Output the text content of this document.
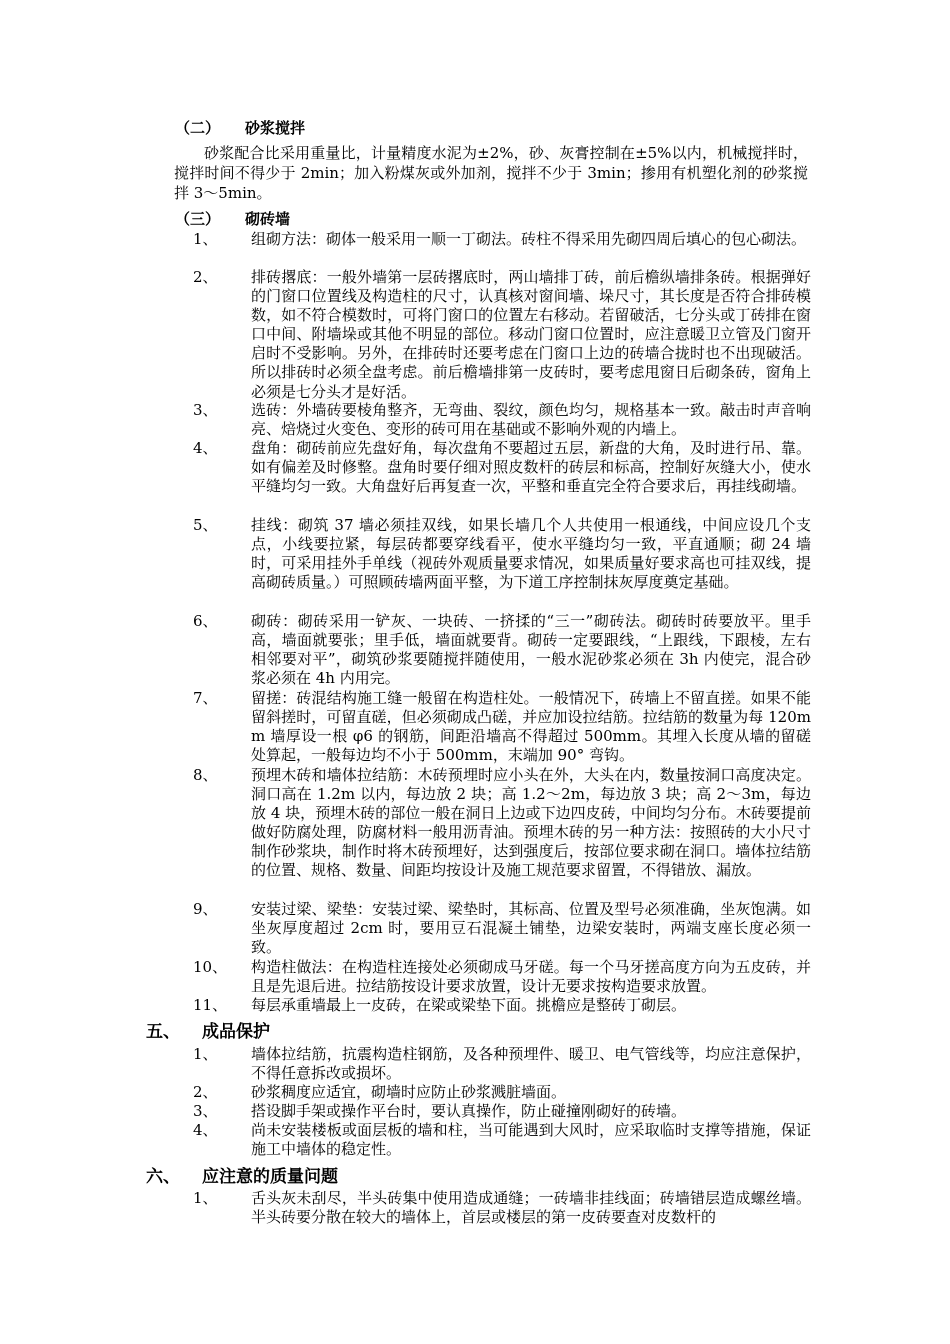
（二） 砂浆搅拌
砂浆配合比采用重量比，计量精度水泥为±2%，砂、灰膏控制在±5%以内，机械搅拌时，搅拌时间不得少于 2min；加入粉煤灰或外加剂，搅拌不少于 3min；掺用有机塑化剂的砂浆搅拌 3～5min。
（三） 砌砖墙
1、 组砌方法：砌体一般采用一顺一丁砌法。砖柱不得采用先砌四周后填心的包心砌法。
2、 排砖撂底：一般外墙第一层砖撂底时，两山墙排丁砖，前后檐纵墙排条砖。根据弹好的门窗口位置线及构造柱的尺寸，认真核对窗间墙、垛尺寸，其长度是否符合排砖模数，如不符合模数时，可将门窗口的位置左右移动。若留破活，七分头或丁砖排在窗口中间、附墙垛或其他不明显的部位。移动门窗口位置时，应注意暖卫立管及门窗开启时不受影响。另外，在排砖时还要考虑在门窗口上边的砖墙合拢时也不出现破活。所以排砖时必须全盘考虑。前后檐墙排第一皮砖时，要考虑甩窗日后砌条砖，窗角上必须是七分头才是好活。
3、 选砖：外墙砖要棱角整齐，无弯曲、裂纹，颜色均匀，规格基本一致。敲击时声音响亮、焙烧过火变色、变形的砖可用在基础或不影响外观的内墙上。
4、 盘角：砌砖前应先盘好角，每次盘角不要超过五层，新盘的大角，及时进行吊、靠。如有偏差及时修整。盘角时要仔细对照皮数杆的砖层和标高，控制好灰缝大小，使水平缝均匀一致。大角盘好后再复查一次，平整和垂直完全符合要求后，再挂线砌墙。
5、 挂线：砌筑 37 墙必须挂双线，如果长墙几个人共使用一根通线，中间应设几个支点，小线要拉紧，每层砖都要穿线看平，使水平缝均匀一致，平直通顺；砌 24 墙时，可采用挂外手单线（视砖外观质量要求情况，如果质量好要求高也可挂双线，提高砌砖质量。）可照顾砖墙两面平整，为下道工序控制抹灰厚度奠定基础。
6、 砌砖：砌砖采用一铲灰、一块砖、一挤揉的“三一”砌砖法。砌砖时砖要放平。里手高，墙面就要张；里手低，墙面就要背。砌砖一定要跟线，“上跟线，下跟棱，左右相邻要对平”，砌筑砂浆要随搅拌随使用，一般水泥砂浆必须在 3h 内使完，混合砂浆必须在 4h 内用完。
7、 留搓：砖混结构施工缝一般留在构造柱处。一般情况下，砖墙上不留直搓。如果不能留斜搓时，可留直磋，但必须砌成凸磋，并应加设拉结筋。拉结筋的数量为每 120mm 墙厚设一根 φ6 的钢筋，间距沿墙高不得超过 500mm。其埋入长度从墙的留磋处算起，一般每边均不小于 500mm，末端加 90° 弯钩。
8、 预埋木砖和墙体拉结筋：木砖预埋时应小头在外，大头在内，数量按洞口高度决定。洞口高在 1.2m 以内，每边放 2 块；高 1.2～2m，每边放 3 块；高 2～3m，每边放 4 块，预埋木砖的部位一般在洞日上边或下边四皮砖，中间均匀分布。木砖要提前做好防腐处理，防腐材料一般用沥青油。预埋木砖的另一种方法：按照砖的大小尺寸制作砂浆块，制作时将木砖预埋好，达到强度后，按部位要求砌在洞口。墙体拉结筋的位置、规格、数量、间距均按设计及施工规范要求留置，不得错放、漏放。
9、 安装过梁、梁垫：安装过梁、梁垫时，其标高、位置及型号必须准确，坐灰饱满。如坐灰厚度超过 2cm 时，要用豆石混凝土铺垫，边梁安装时，两端支座长度必须一致。
10、 构造柱做法：在构造柱连接处必须砌成马牙磋。每一个马牙搓高度方向为五皮砖，并且是先退后进。拉结筋按设计要求放置，设计无要求按构造要求放置。
11、 每层承重墙最上一皮砖，在梁或梁垫下面。挑檐应是整砖丁砌层。
五、 成品保护
1、 墙体拉结筋，抗震构造柱钢筋，及各种预埋件、暖卫、电气管线等，均应注意保护，不得任意拆改或损坏。
2、 砂浆稠度应适宜，砌墙时应防止砂浆溅脏墙面。
3、 搭设脚手架或操作平台时，要认真操作，防止碰撞刚砌好的砖墙。
4、 尚未安装楼板或面层板的墙和柱，当可能遇到大风时，应采取临时支撑等措施，保证施工中墙体的稳定性。
六、 应注意的质量问题
1、 舌头灰未刮尽，半头砖集中使用造成通缝；一砖墙非挂线面；砖墙错层造成螺丝墙。半头砖要分散在较大的墙体上，首层或楼层的第一皮砖要查对皮数杆的
